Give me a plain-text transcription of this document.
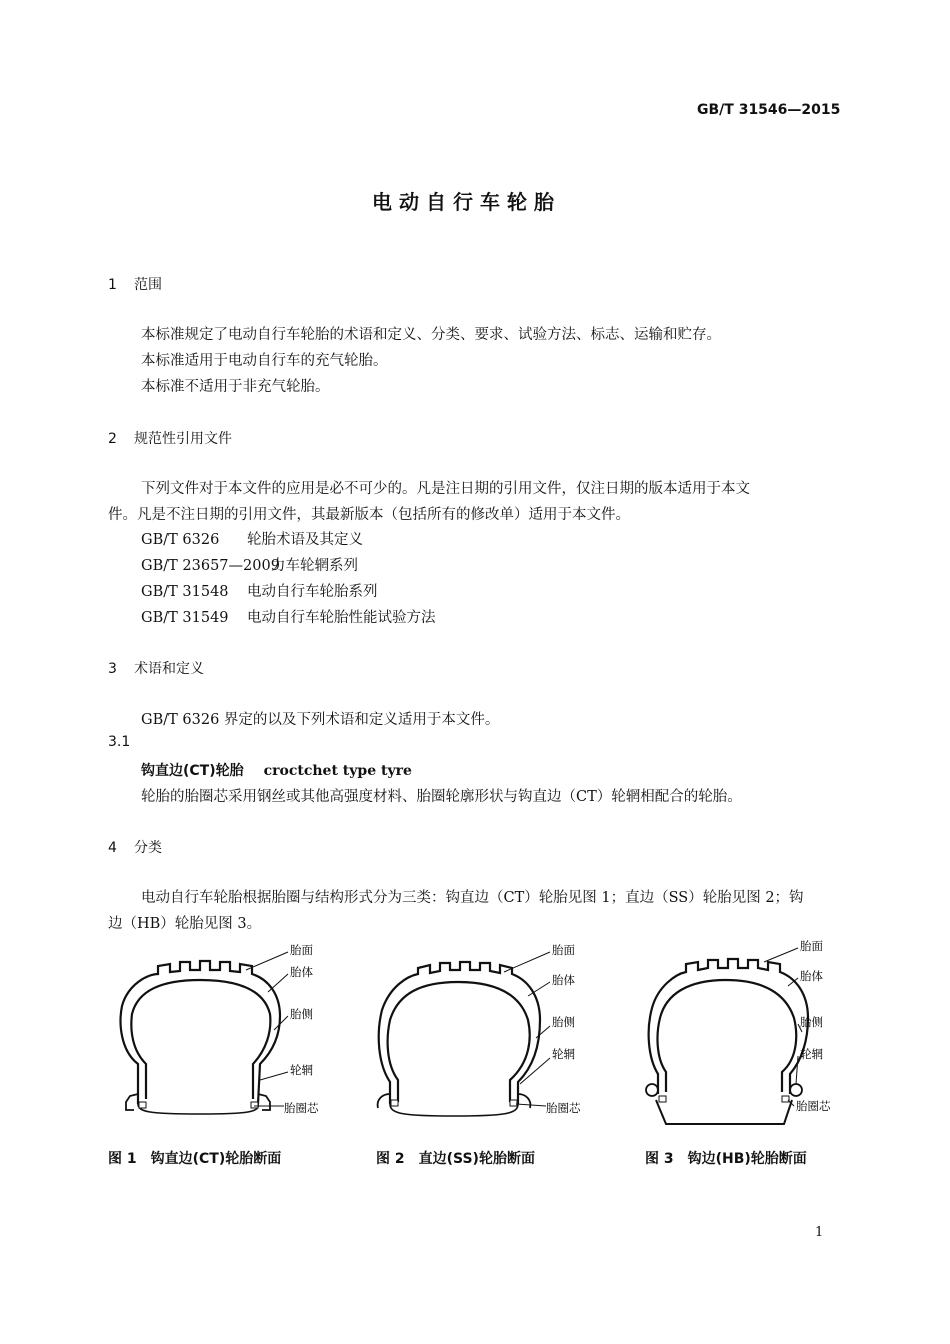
GB/T 31546—2015
电动自行车轮胎
1 范围
本标准规定了电动自行车轮胎的术语和定义、分类、要求、试验方法、标志、运输和贮存。
本标准适用于电动自行车的充气轮胎。
本标准不适用于非充气轮胎。
2 规范性引用文件
下列文件对于本文件的应用是必不可少的。凡是注日期的引用文件，仅注日期的版本适用于本文
件。凡是不注日期的引用文件，其最新版本（包括所有的修改单）适用于本文件。
GB/T 6326 轮胎术语及其定义
GB/T 23657—2009力车轮辋系列
GB/T 31548 电动自行车轮胎系列
GB/T 31549 电动自行车轮胎性能试验方法
3 术语和定义
GB/T 6326 界定的以及下列术语和定义适用于本文件。
3.1
钩直边(CT)轮胎 croctchet type tyre
轮胎的胎圈芯采用钢丝或其他高强度材料、胎圈轮廓形状与钩直边（CT）轮辋相配合的轮胎。
4 分类
电动自行车轮胎根据胎圈与结构形式分为三类：钩直边（CT）轮胎见图 1；直边（SS）轮胎见图 2；钩
边（HB）轮胎见图 3。
胎面
胎体
胎侧
轮辋
胎圈芯
胎面
胎体
胎侧
轮辋
胎圈芯
胎面
胎体
胎侧
轮辋
胎圈芯
图 1 钩直边(CT)轮胎断面	图 2 直边(SS)轮胎断面	图 3 钩边(HB)轮胎断面
1
